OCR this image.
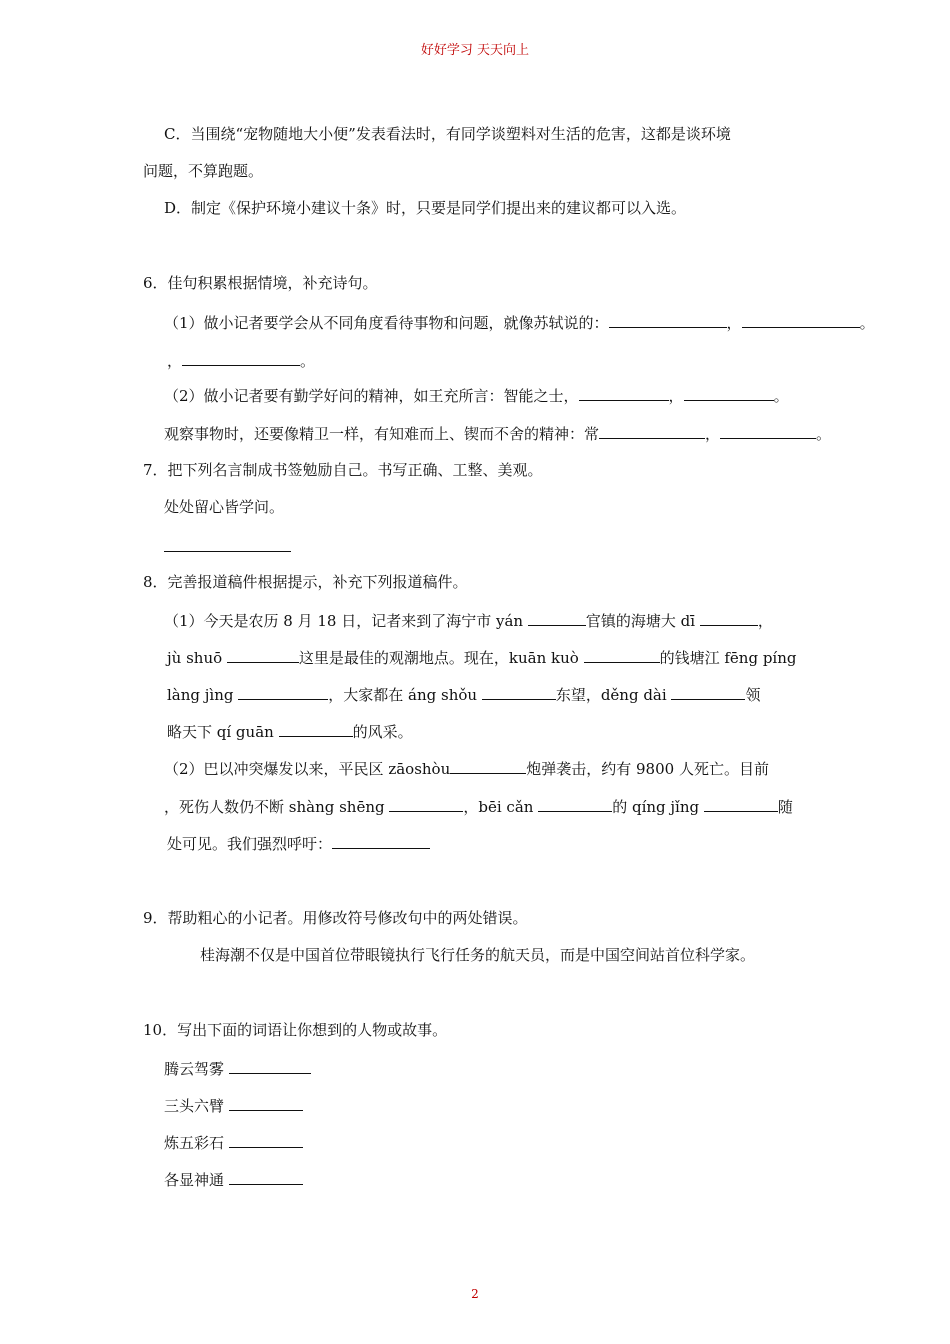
好好学习 天天向上
C．当围绕“宠物随地大小便”发表看法时，有同学谈塑料对生活的危害，这都是谈环境
问题，不算跑题。
D．制定《保护环境小建议十条》时，只要是同学们提出来的建议都可以入选。
6．佳句积累根据情境，补充诗句。
（1）做小记者要学会从不同角度看待事物和问题，就像苏轼说的：	，	。
，	。
（2）做小记者要有勤学好问的精神，如王充所言：智能之士，	，	。
观察事物时，还要像精卫一样，有知难而上、锲而不舍的精神：常	，	。
7．把下列名言制成书签勉励自己。书写正确、工整、美观。
处处留心皆学问。
8．完善报道稿件根据提示，补充下列报道稿件。
（1）今天是农历 8 月 18 日，记者来到了海宁市 yán	官镇的海塘大 dī	，
jù shuō	这里是最佳的观潮地点。现在，kuān kuò	的钱塘江 fēng píng
làng jìng	，大家都在 áng shǒu	东望，děng dài	领
略天下 qí guān	的风采。
（2）巴以冲突爆发以来，平民区 zāoshòu	炮弹袭击，约有 9800 人死亡。目前
，死伤人数仍不断 shàng shēng	，bēi cǎn	的 qíng jǐng	随
处可见。我们强烈呼吁：
9．帮助粗心的小记者。用修改符号修改句中的两处错误。
桂海潮不仅是中国首位带眼镜执行飞行任务的航天员，而是中国空间站首位科学家。
10．写出下面的词语让你想到的人物或故事。
腾云驾雾
三头六臂
炼五彩石
各显神通
2
